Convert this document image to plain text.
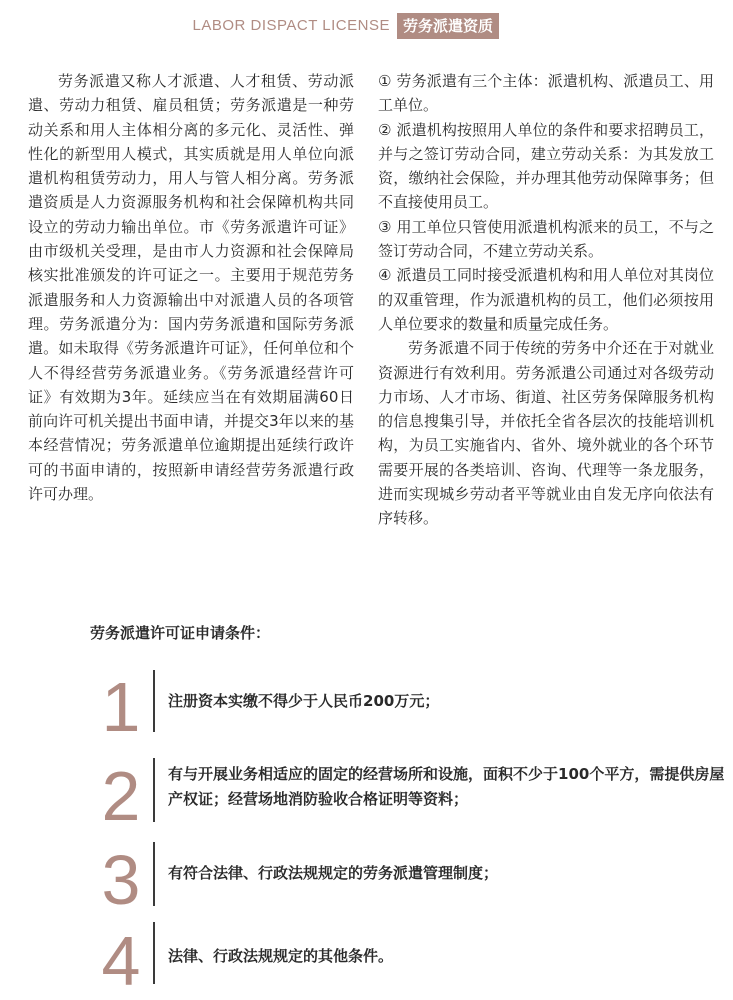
LABOR DISPACT LICENSE 劳务派遣资质

劳务派遣又称人才派遣、人才租赁、劳动派遣、劳动力租赁、雇员租赁；劳务派遣是一种劳动关系和用人主体相分离的多元化、灵活性、弹性化的新型用人模式，其实质就是用人单位向派遣机构租赁劳动力，用人与管人相分离。劳务派遣资质是人力资源服务机构和社会保障机构共同设立的劳动力输出单位。市《劳务派遣许可证》由市级机关受理，是由市人力资源和社会保障局核实批准颁发的许可证之一。主要用于规范劳务派遣服务和人力资源输出中对派遣人员的各项管理。劳务派遣分为：国内劳务派遣和国际劳务派遣。如未取得《劳务派遣许可证》，任何单位和个人不得经营劳务派遣业务。《劳务派遣经营许可证》有效期为3年。延续应当在有效期届满60日前向许可机关提出书面申请，并提交3年以来的基本经营情况；劳务派遣单位逾期提出延续行政许可的书面申请的，按照新申请经营劳务派遣行政许可办理。

① 劳务派遣有三个主体：派遣机构、派遣员工、用工单位。

② 派遣机构按照用人单位的条件和要求招聘员工，并与之签订劳动合同，建立劳动关系：为其发放工资，缴纳社会保险，并办理其他劳动保障事务；但不直接使用员工。

③ 用工单位只管使用派遣机构派来的员工，不与之签订劳动合同，不建立劳动关系。

④ 派遣员工同时接受派遣机构和用人单位对其岗位的双重管理，作为派遣机构的员工，他们必须按用人单位要求的数量和质量完成任务。

劳务派遣不同于传统的劳务中介还在于对就业资源进行有效利用。劳务派遣公司通过对各级劳动力市场、人才市场、街道、社区劳务保障服务机构的信息搜集引导，并依托全省各层次的技能培训机构，为员工实施省内、省外、境外就业的各个环节需要开展的各类培训、咨询、代理等一条龙服务，进而实现城乡劳动者平等就业由自发无序向依法有序转移。

劳务派遣许可证申请条件：
1	注册资本实缴不得少于人民币200万元；
2	有与开展业务相适应的固定的经营场所和设施，面积不少于100个平方，需提供房屋产权证；经营场地消防验收合格证明等资料；
3	有符合法律、行政法规规定的劳务派遣管理制度；
4	法律、行政法规规定的其他条件。
